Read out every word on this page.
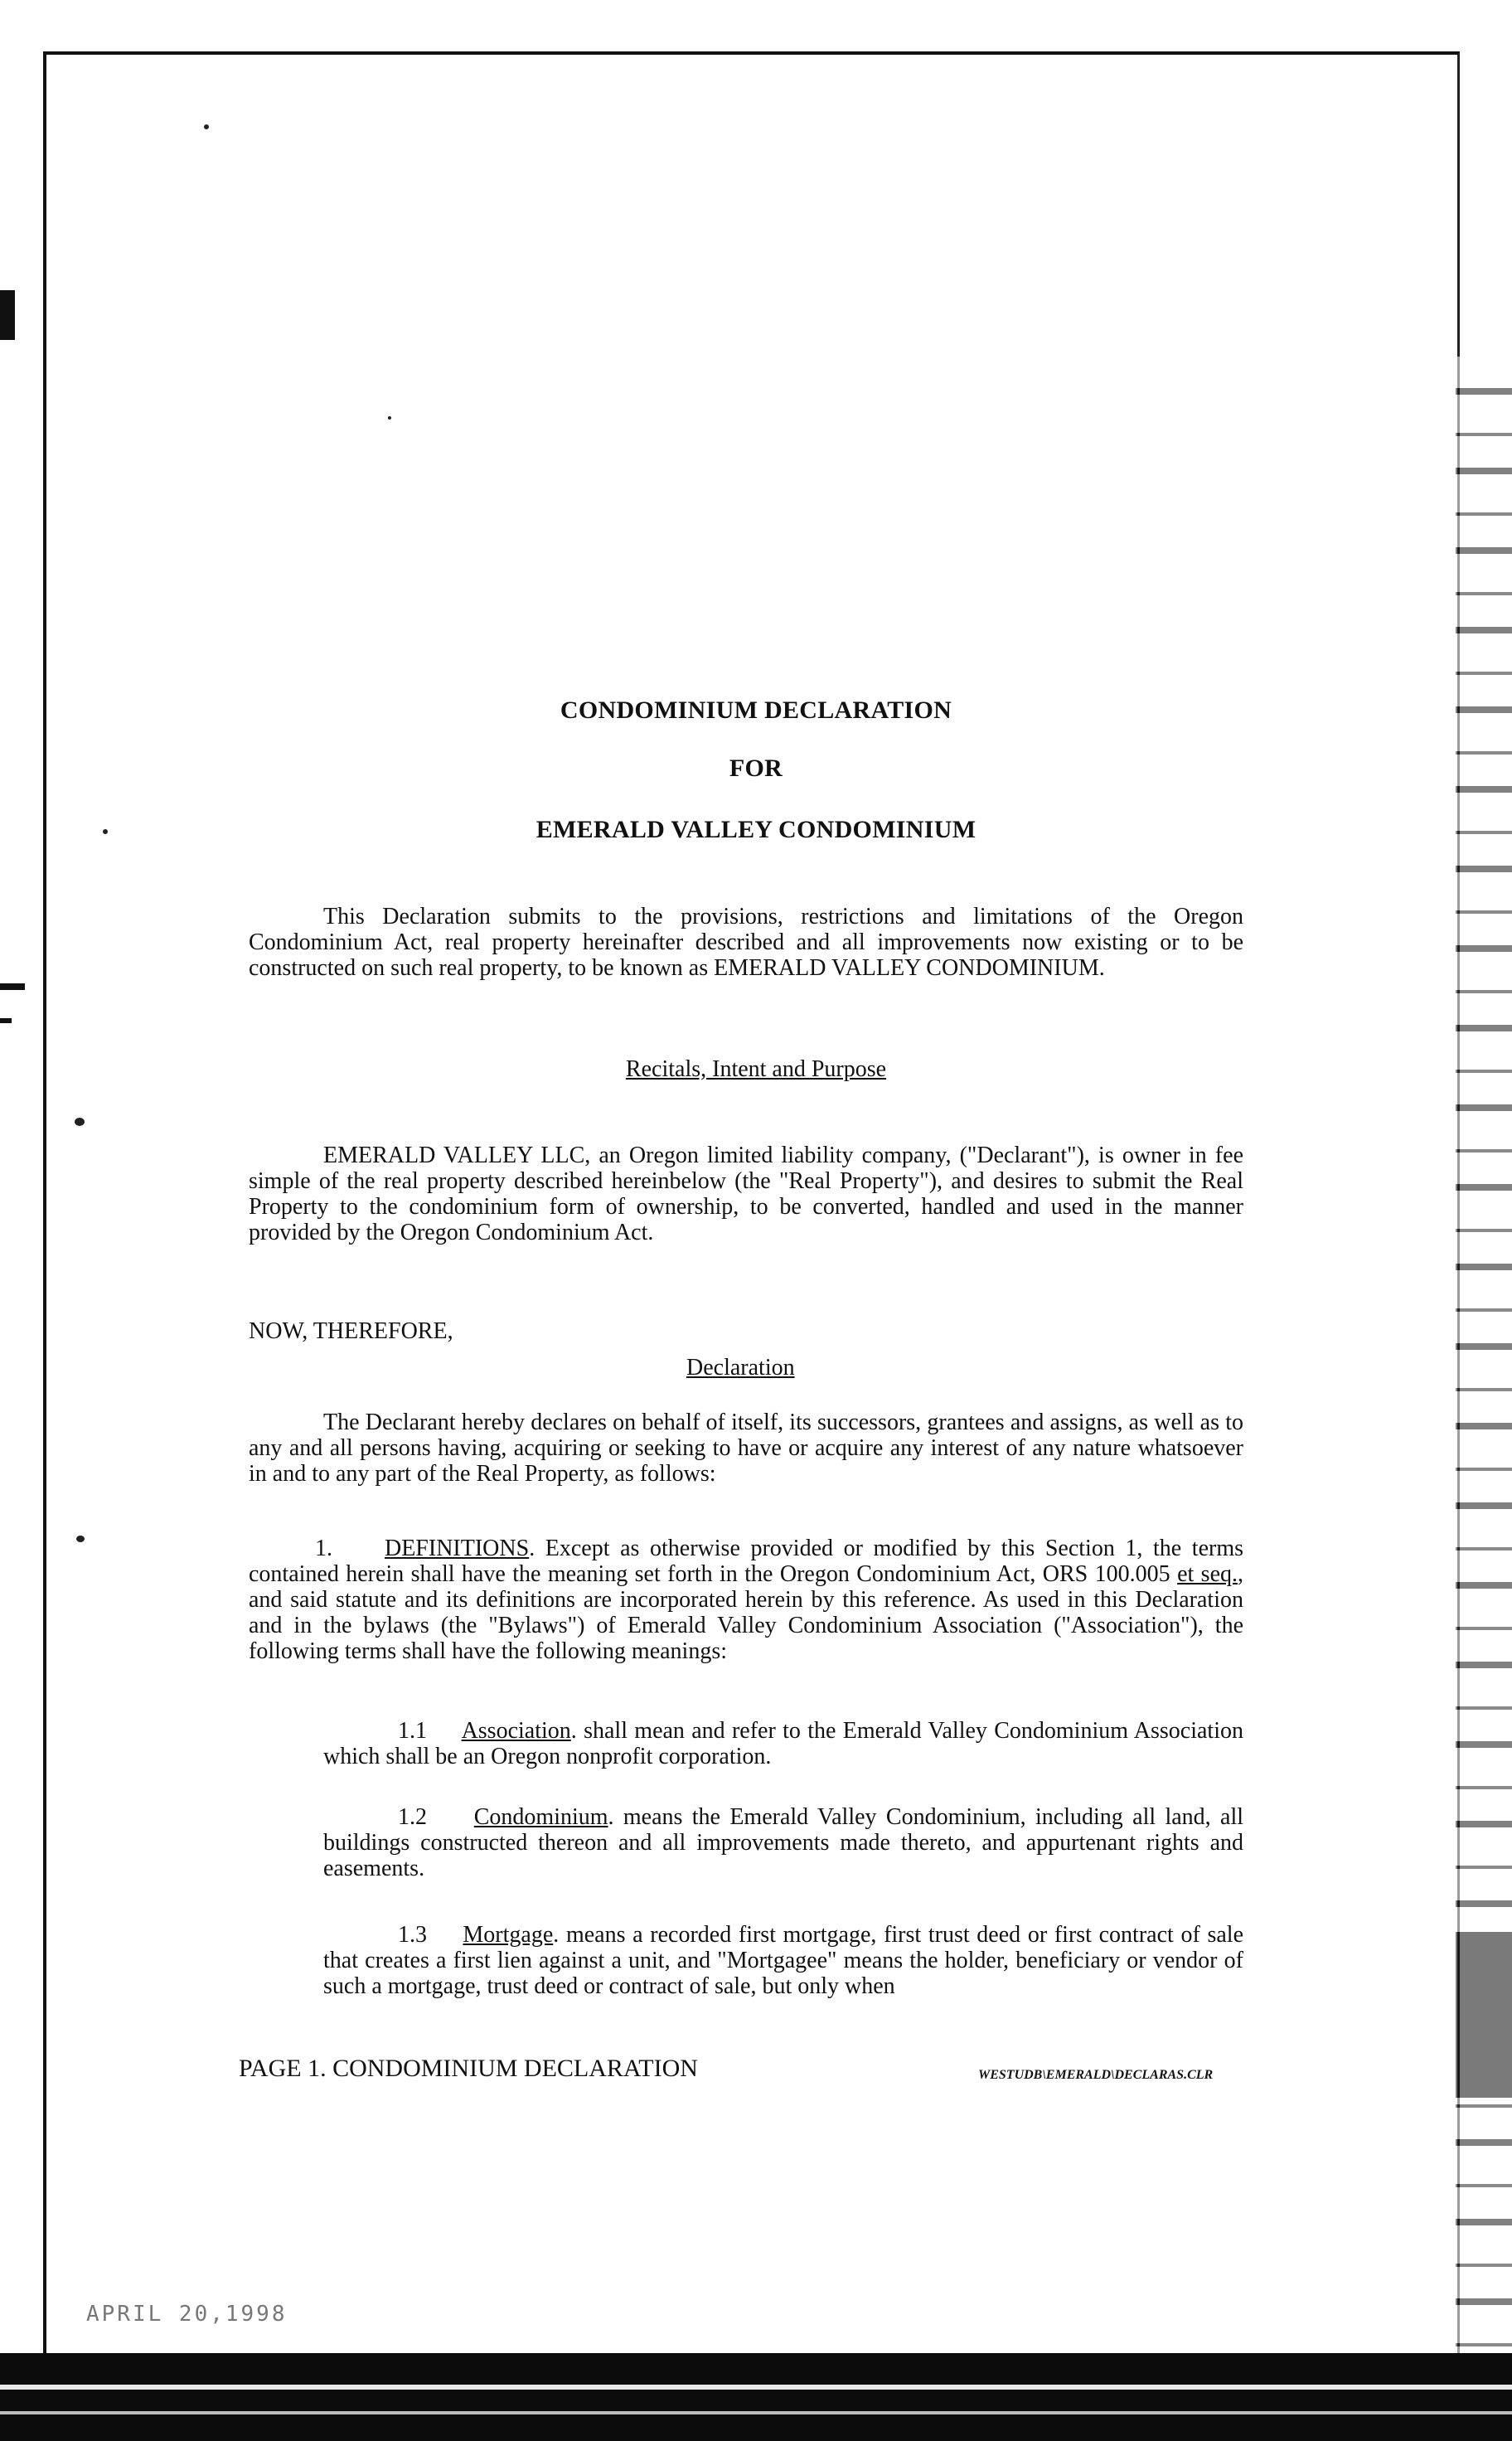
CONDOMINIUM DECLARATION
FOR
EMERALD VALLEY CONDOMINIUM
This Declaration submits to the provisions, restrictions and limitations of the Oregon Condominium Act, real property hereinafter described and all improvements now existing or to be constructed on such real property, to be known as EMERALD VALLEY CONDOMINIUM.
Recitals, Intent and Purpose
EMERALD VALLEY LLC, an Oregon limited liability company, ("Declarant"), is owner in fee simple of the real property described hereinbelow (the "Real Property"), and desires to submit the Real Property to the condominium form of ownership, to be converted, handled and used in the manner provided by the Oregon Condominium Act.
NOW, THEREFORE,
Declaration
The Declarant hereby declares on behalf of itself, its successors, grantees and assigns, as well as to any and all persons having, acquiring or seeking to have or acquire any interest of any nature whatsoever in and to any part of the Real Property, as follows:
1. DEFINITIONS. Except as otherwise provided or modified by this Section 1, the terms contained herein shall have the meaning set forth in the Oregon Condominium Act, ORS 100.005 et seq., and said statute and its definitions are incorporated herein by this reference. As used in this Declaration and in the bylaws (the "Bylaws") of Emerald Valley Condominium Association ("Association"), the following terms shall have the following meanings:
1.1 Association. shall mean and refer to the Emerald Valley Condominium Association which shall be an Oregon nonprofit corporation.
1.2 Condominium. means the Emerald Valley Condominium, including all land, all buildings constructed thereon and all improvements made thereto, and appurtenant rights and easements.
1.3 Mortgage. means a recorded first mortgage, first trust deed or first contract of sale that creates a first lien against a unit, and "Mortgagee" means the holder, beneficiary or vendor of such a mortgage, trust deed or contract of sale, but only when
PAGE 1. CONDOMINIUM DECLARATION	WESTUDB\EMERALD\DECLARAS.CLR
APRIL 20,1998
